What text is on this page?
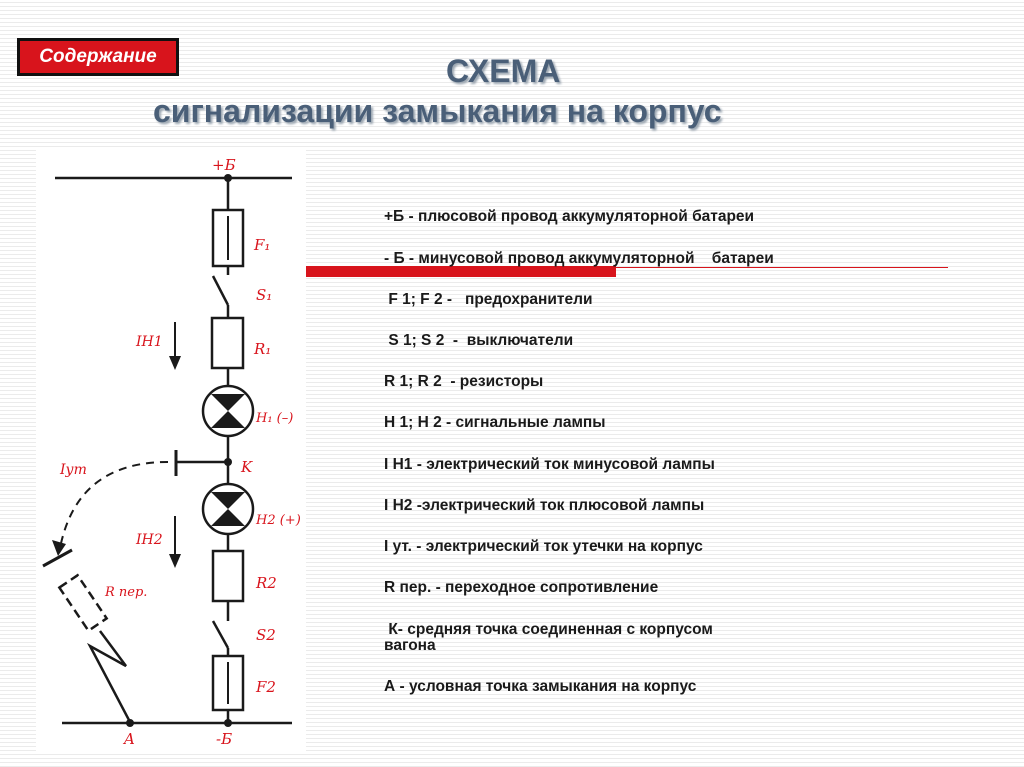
Содержание	СХЕМА
сигнализации замыкания на корпус
+Б
F₁
S₁
R₁
H₁ (–)
K
H2 (+)
R2
S2
F2
IH1
IH2
Iут
R пер.
A	-Б
+Б - плюсовой провод аккумуляторной батареи
- Б - минусовой провод аккумуляторной    батареи
F 1; F 2 -   предохранители
S 1; S 2  -  выключатели
R 1; R 2  - резисторы
H 1; H 2 - сигнальные лампы
I H1 - электрический ток минусовой лампы
I H2 -электрический ток плюсовой лампы
I ут. - электрический ток утечки на корпус
R пер. - переходное сопротивление
К- средняя точка соединенная с корпусом
вагона
А - условная точка замыкания на корпус
